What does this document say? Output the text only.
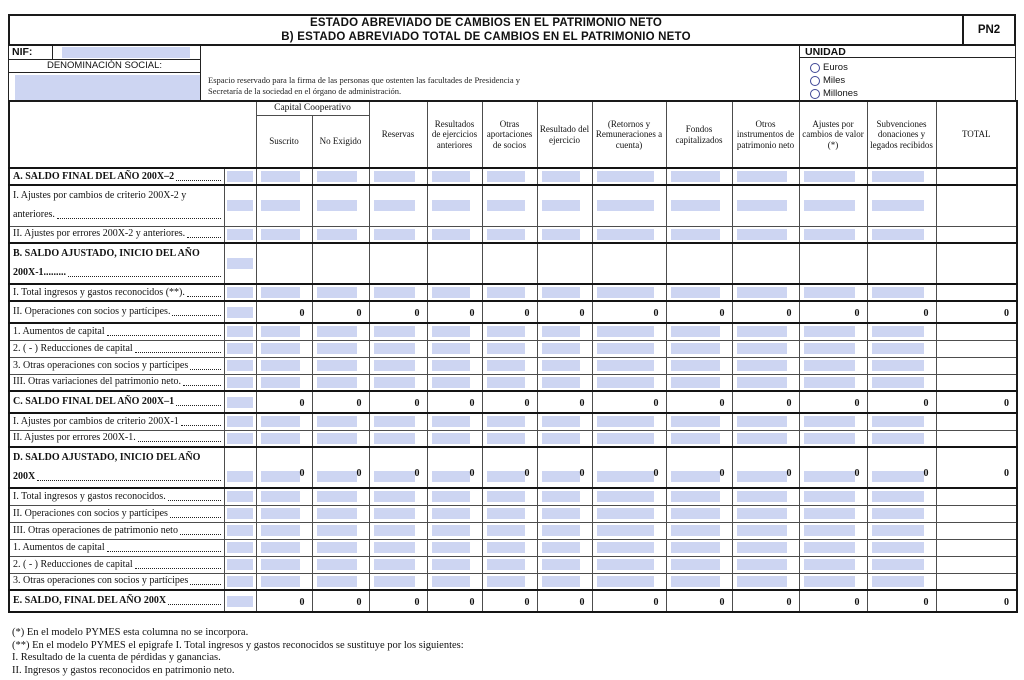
ESTADO ABREVIADO DE CAMBIOS EN EL PATRIMONIO NETO
B) ESTADO ABREVIADO TOTAL DE CAMBIOS EN EL PATRIMONIO NETO
PN2
NIF:
DENOMINACIÓN SOCIAL:
Espacio reservado para la firma de las personas que ostenten las facultades de Presidencia y
Secretaría de la sociedad en el órgano de administración.
UNIDAD
Euros
Miles
Millones
		Capital Cooperativo		Reservas	Resultados de ejercicios anteriores	Otras aportaciones de socios	Resultado del ejercicio	(Retornos y Remuneraciones a cuenta)	Fondos capitalizados	Otros instrumentos de patrimonio neto	Ajustes por cambios de valor (*)	Subvenciones donaciones y legados recibidos	TOTAL
		Suscrito	No Exigido										

A. SALDO FINAL DEL AÑO 200X–2													

I. Ajustes por cambios de criterio 200X-2 y
anteriores.													

II. Ajustes por errores 200X-2 y anteriores.													

B. SALDO AJUSTADO, INICIO DEL AÑO
200X-1.........													

I. Total ingresos y gastos reconocidos (**).													

II. Operaciones con socios y partícipes.		0	0	0	0	0	0	0	0	0	0	0	0

1. Aumentos de capital													

2. ( - ) Reducciones de capital													

3. Otras operaciones con socios y partícipes													

III. Otras variaciones del patrimonio neto.													

C. SALDO FINAL DEL AÑO 200X–1		0	0	0	0	0	0	0	0	0	0	0	0

I. Ajustes por cambios de criterio 200X-1													

II. Ajustes por errores 200X-1.													

D. SALDO AJUSTADO, INICIO DEL AÑO
200X		0	0	0	0	0	0	0	0	0	0	0	0

I. Total ingresos y gastos reconocidos.													

II. Operaciones con socios y partícipes													

III. Otras operaciones de patrimonio neto													

1. Aumentos de capital													

2. ( - ) Reducciones de capital													

3. Otras operaciones con socios y partícipes													

E. SALDO, FINAL DEL AÑO 200X		0	0	0	0	0	0	0	0	0	0	0	0
(*) En el modelo PYMES esta columna no se incorpora.
(**) En el modelo PYMES el epigrafe I. Total ingresos y gastos reconocidos se sustituye por los siguientes:
I. Resultado de la cuenta de pérdidas y ganancias.
II. Ingresos y gastos reconocidos en patrimonio neto.
